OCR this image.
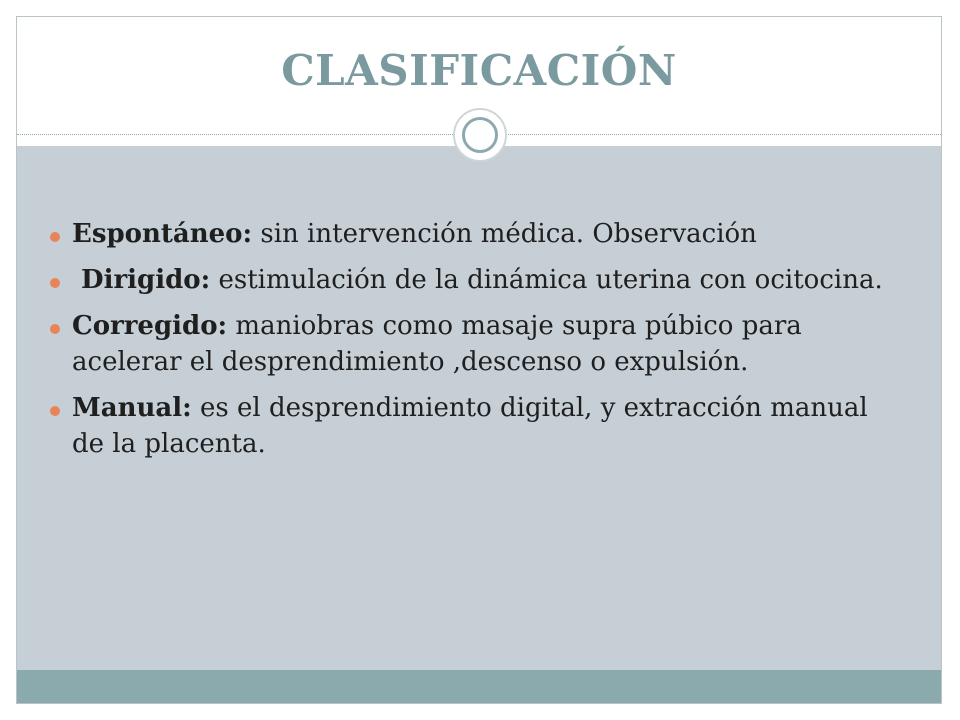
CLASIFICACIÓN
Espontáneo: sin intervención médica. Observación
Dirigido: estimulación de la dinámica uterina con ocitocina.
Corregido: maniobras como masaje supra púbico para acelerar el desprendimiento ,descenso o expulsión.
Manual: es el desprendimiento digital, y extracción manual de la placenta.
